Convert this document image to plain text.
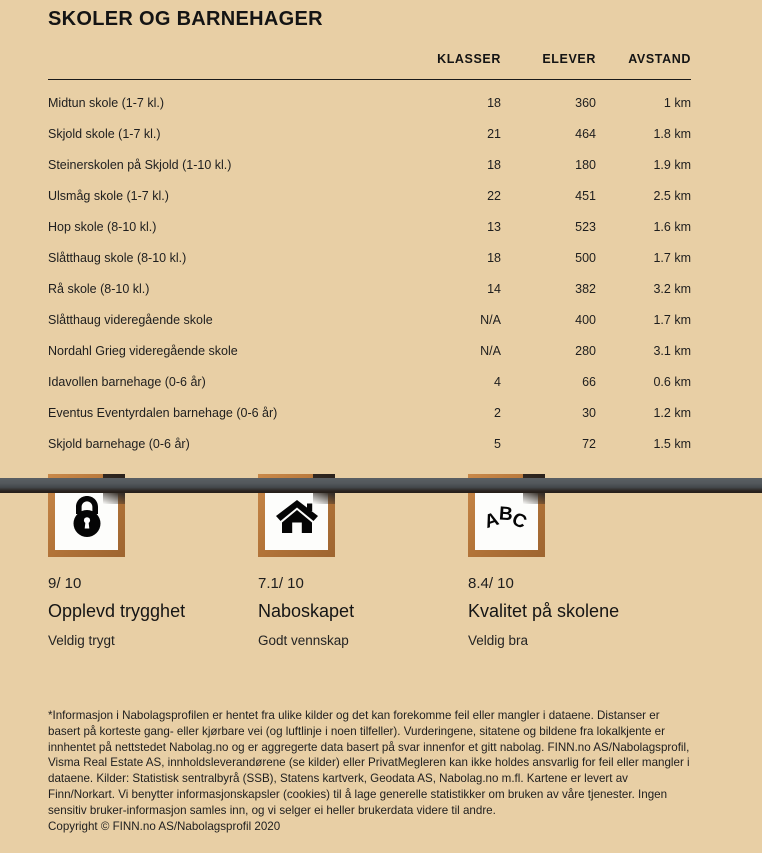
SKOLER OG BARNEHAGER
	KLASSER	ELEVER	AVSTAND
Midtun skole (1-7 kl.)	18	360	1 km
Skjold skole (1-7 kl.)	21	464	1.8 km
Steinerskolen på Skjold (1-10 kl.)	18	180	1.9 km
Ulsmåg skole (1-7 kl.)	22	451	2.5 km
Hop skole (8-10 kl.)	13	523	1.6 km
Slåtthaug skole (8-10 kl.)	18	500	1.7 km
Rå skole (8-10 kl.)	14	382	3.2 km
Slåtthaug videregående skole	N/A	400	1.7 km
Nordahl Grieg videregående skole	N/A	280	3.1 km
Idavollen barnehage (0-6 år)	4	66	0.6 km
Eventus Eventyrdalen barnehage (0-6 år)	2	30	1.2 km
Skjold barnehage (0-6 år)	5	72	1.5 km
9/ 10
Opplevd trygghet
Veldig trygt
7.1/ 10
Naboskapet
Godt vennskap
A
B
C
8.4/ 10
Kvalitet på skolene
Veldig bra

*Informasjon i Nabolagsprofilen er hentet fra ulike kilder og det kan forekomme feil eller mangler i dataene. Distanser er basert på korteste gang- eller kjørbare vei (og luftlinje i noen tilfeller). Vurderingene, sitatene og bildene fra lokalkjente er innhentet på nettstedet Nabolag.no og er aggregerte data basert på svar innenfor et gitt nabolag. FINN.no AS/Nabolagsprofil, Visma Real Estate AS, innholdsleverandørene (se kilder) eller PrivatMegleren kan ikke holdes ansvarlig for feil eller mangler i dataene. Kilder: Statistisk sentralbyrå (SSB), Statens kartverk, Geodata AS, Nabolag.no m.fl. Kartene er levert av Finn/Norkart. Vi benytter informasjonskapsler (cookies) til å lage generelle statistikker om bruken av våre tjenester. Ingen sensitiv bruker-informasjon samles inn, og vi selger ei heller brukerdata videre til andre.

Copyright © FINN.no AS/Nabolagsprofil 2020
